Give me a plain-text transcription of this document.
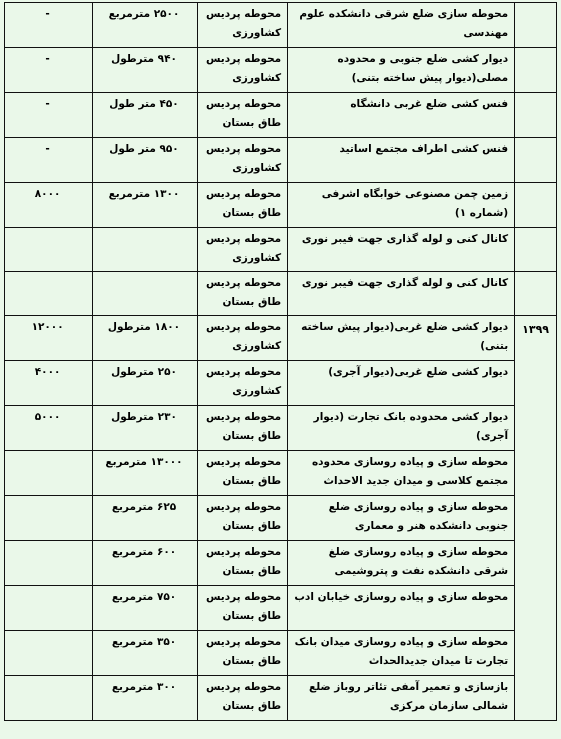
	محوطه سازی ضلع شرقی دانشکده علوم مهندسی	محوطه پردیس کشاورزی	۲۵۰۰ مترمربع	-
	دیوار کشی ضلع جنوبی و محدوده مصلی(دیوار پیش ساخته بتنی)	محوطه پردیس کشاورزی	۹۴۰ مترطول	-
	فنس کشی ضلع غربی دانشگاه	محوطه پردیس طاق بستان	۴۵۰ متر طول	-
	فنس کشی اطراف مجتمع اساتید	محوطه پردیس کشاورزی	۹۵۰ متر طول	-
	زمین چمن مصنوعی خوابگاه اشرفی (شماره ۱)	محوطه پردیس طاق بستان	۱۳۰۰ مترمربع	۸۰۰۰
	کانال کنی و لوله گذاری جهت فیبر نوری	محوطه پردیس کشاورزی		
	کانال کنی و لوله گذاری جهت فیبر نوری	محوطه پردیس طاق بستان		
۱۳۹۹	دیوار کشی ضلع غربی(دیوار پیش ساخته بتنی)	محوطه پردیس کشاورزی	۱۸۰۰ مترطول	۱۲۰۰۰
	دیوار کشی ضلع غربی(دیوار آجری)	محوطه پردیس کشاورزی	۲۵۰ مترطول	۴۰۰۰
	دیوار کشی محدوده بانک تجارت (دیوار آجری)	محوطه پردیس طاق بستان	۲۳۰ مترطول	۵۰۰۰
	محوطه سازی و پیاده روسازی محدوده مجتمع کلاسی و میدان جدید الاحداث	محوطه پردیس طاق بستان	۱۳۰۰۰ مترمربع	
	محوطه سازی و پیاده روسازی ضلع جنوبی دانشکده هنر و معماری	محوطه پردیس طاق بستان	۶۲۵ مترمربع	
	محوطه سازی و پیاده روسازی ضلغ شرقی دانشکده نفت و پتروشیمی	محوطه پردیس طاق بستان	۶۰۰ مترمربع	
	محوطه سازی و پیاده روسازی خیابان ادب	محوطه پردیس طاق بستان	۷۵۰ مترمربع	
	محوطه سازی و پیاده روسازی میدان بانک تجارت تا میدان جدیدالحداث	محوطه پردیس طاق بستان	۳۵۰ مترمربع	
	بازسازی و تعمیر آمفی تئاتر روباز ضلع شمالی سازمان مرکزی	محوطه پردیس طاق بستان	۳۰۰ مترمربع	
